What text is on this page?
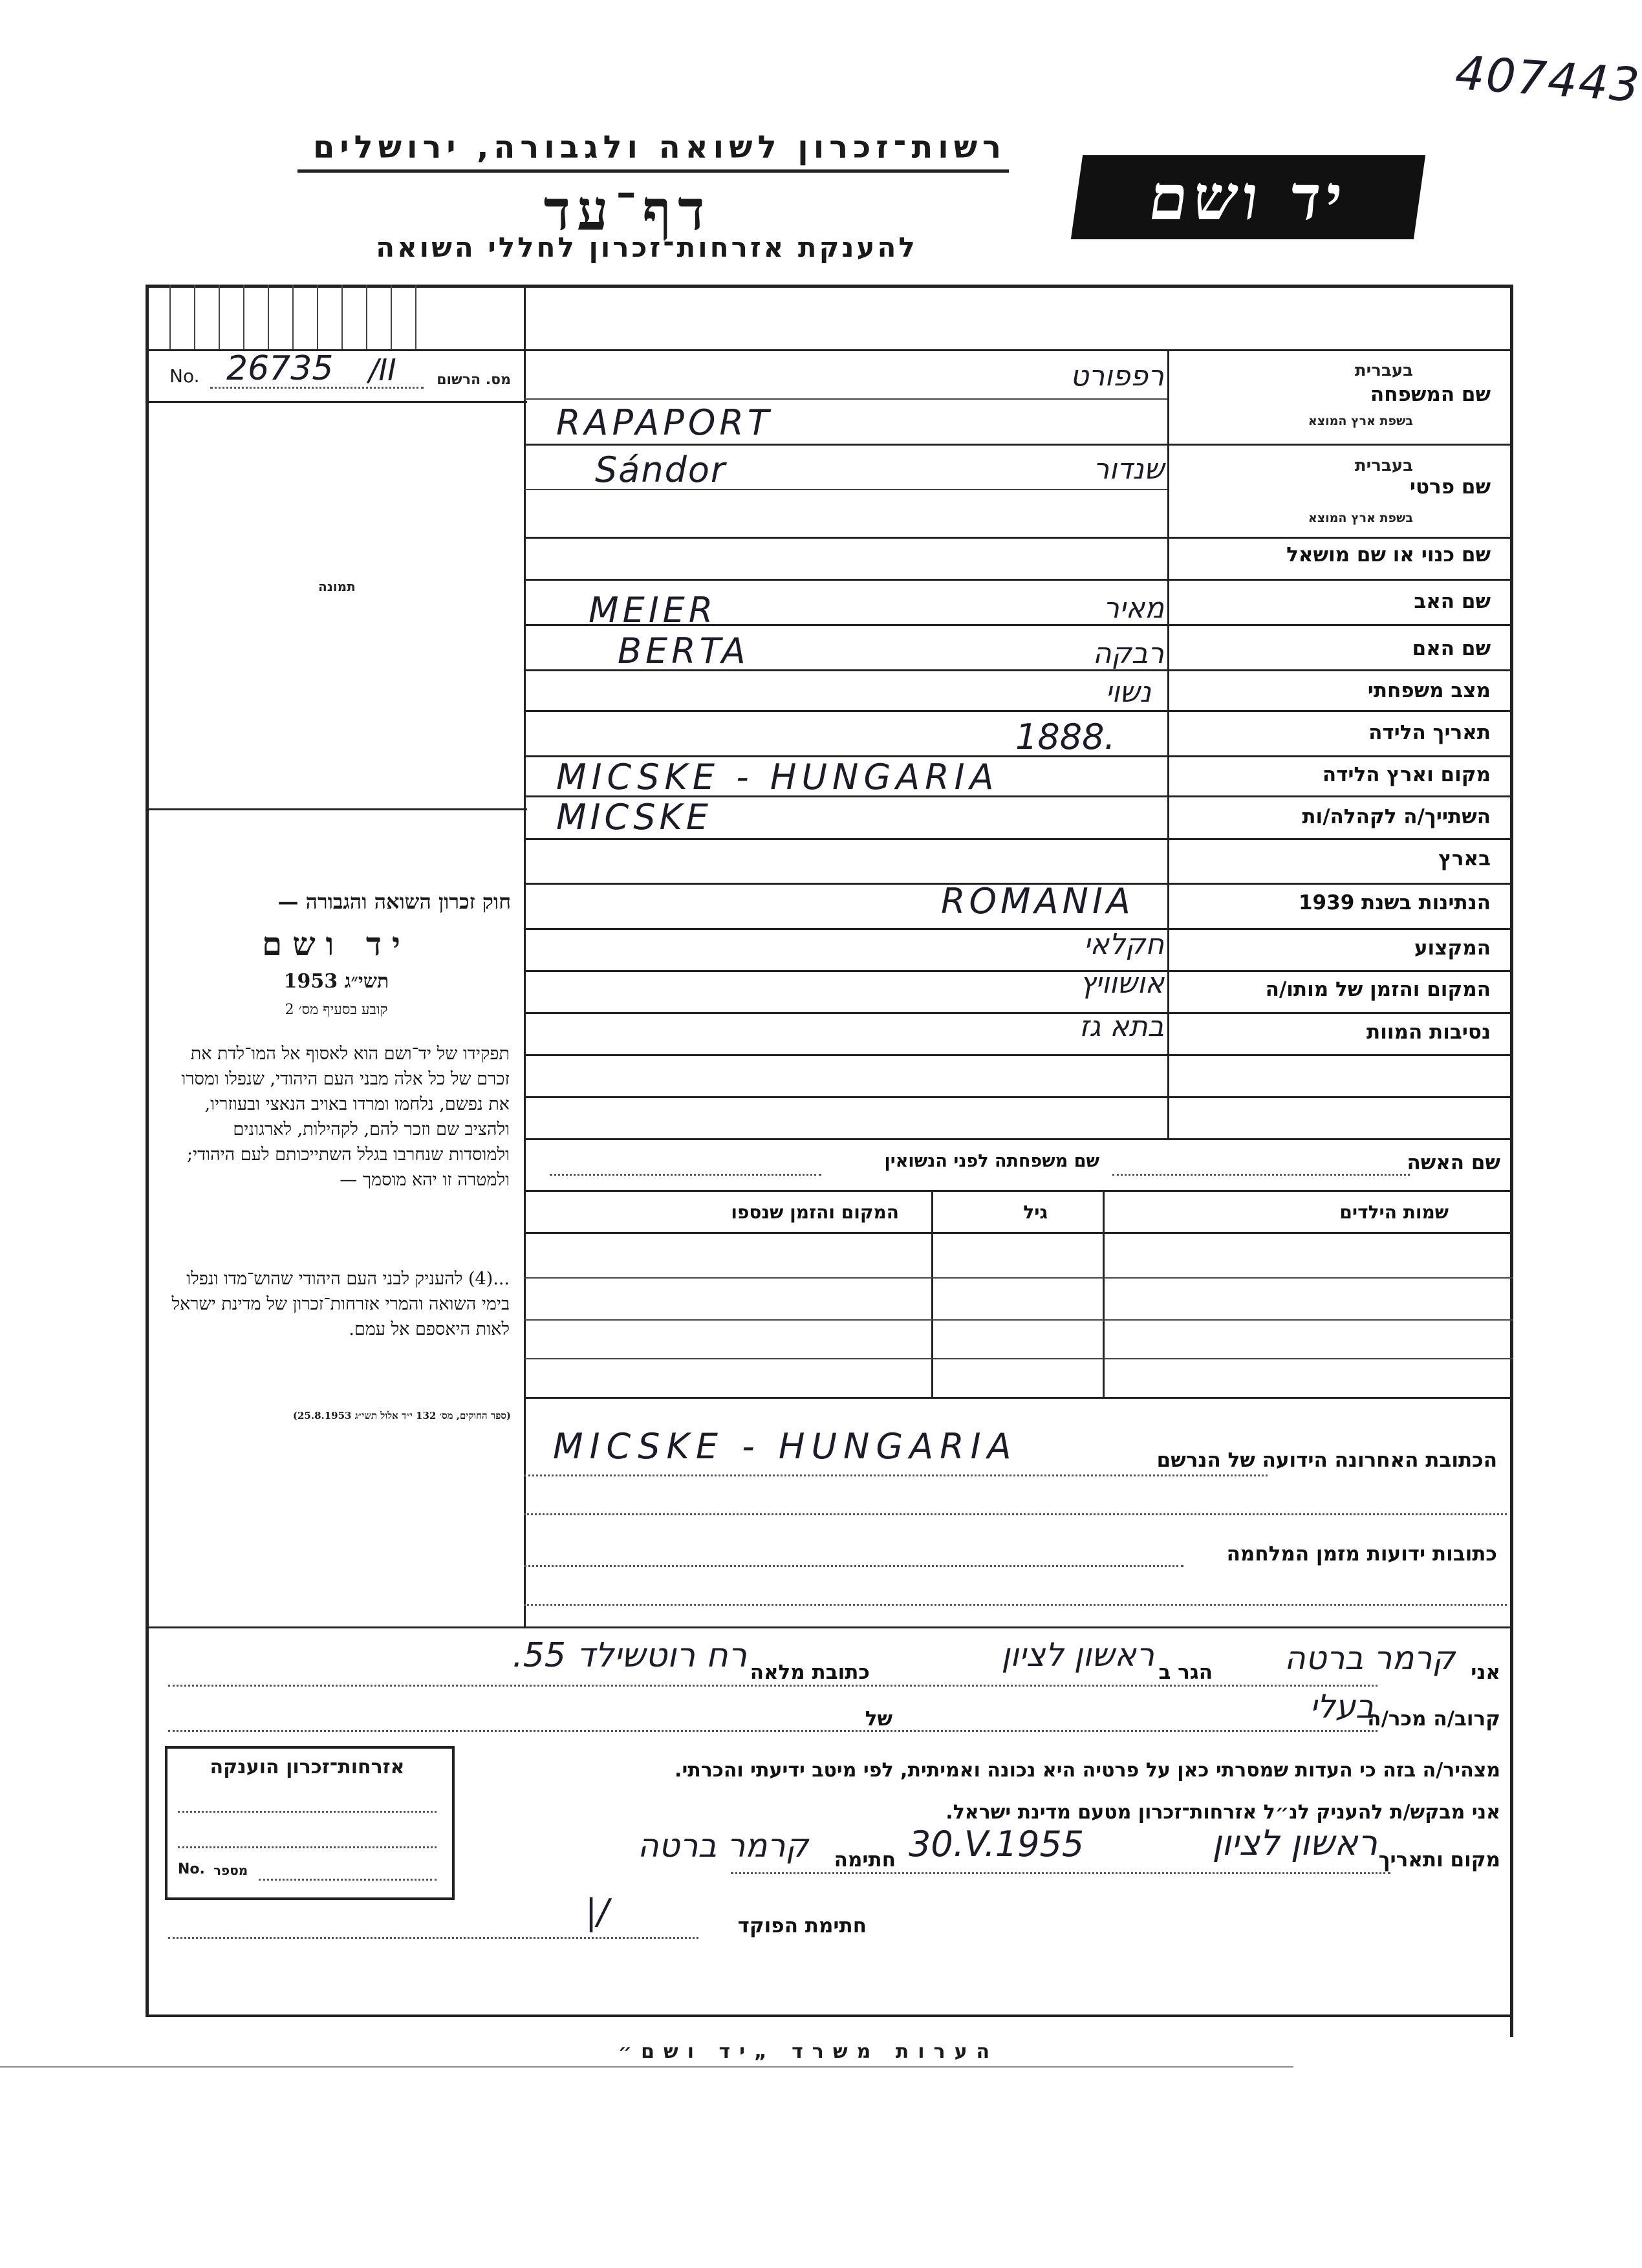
407443
רשות־זכרון לשואה ולגבורה, ירושלים
דף־עד
להענקת אזרחות־זכרון לחללי השואה
יד ושם
No. 26735 /II	מס. הרשום
תמונה
שם המשפחה
בעברית
בשפת ארץ המוצא
שם פרטי
בעברית
בשפת ארץ המוצא
שם כנוי או שם מושאל
שם האב
שם האם
מצב משפחתי
תאריך הלידה
מקום וארץ הלידה
השתייך/ה לקהלה/ות
בארץ
הנתינות בשנת 1939
המקצוע
המקום והזמן של מותו/ה
נסיבות המוות
רפפורט
RAPAPORT
שנדור
Sándor
מאיר
MEIER
רבקה
BERTA
נשוי
1888.
MICSKE - HUNGARIA
MICSKE
ROMANIA
חקלאי
אושוויץ
בתא גז
שם האשה
שם משפחתה לפני הנשואין
שמות הילדים
גיל
המקום והזמן שנספו
MICSKE - HUNGARIA	הכתובת האחרונה הידועה של הנרשם
כתובות ידועות מזמן המלחמה
חוק זכרון השואה והגבורה —
יד ושם
תשי״ג 1953
קובע בסעיף מס׳ 2
תפקידו של יד־ושם הוא לאסוף אל המו־לדת את זכרם של כל אלה מבני העם היהודי, שנפלו ומסרו את נפשם, נלחמו ומרדו באויב הנאצי ובעוזריו, ולהציב שם וזכר להם, לקהילות, לארגונים ולמוסדות שנחרבו בגלל השתייכותם לעם היהודי; ולמטרה זו יהא מוסמך —
...(4) להעניק לבני העם היהודי שהוש־מדו ונפלו בימי השואה והמרי אזרחות־זכרון של מדינת ישראל לאות היאספם אל עמם.
(ספר החוקים, מס׳ 132 י״ד אלול תשי״ג 25.8.1953)
אני
קרמר ברטה
הגר ב
ראשון לציון
כתובת מלאה
רח רוטשילד 55.
קרוב/ה מכר/ה
בעלי
של
מצהיר/ה בזה כי העדות שמסרתי כאן על פרטיה היא נכונה ואמיתית, לפי מיטב ידיעתי והכרתי.
אני מבקש/ת להעניק לנ״ל אזרחות־זכרון מטעם מדינת ישראל.
מקום ותאריך
ראשון לציון
30.V.1955
חתימה
קרמר ברטה
חתימת הפוקד
|/
אזרחות־זכרון הוענקה
No. מספר
הערות משרד „יד ושם״
